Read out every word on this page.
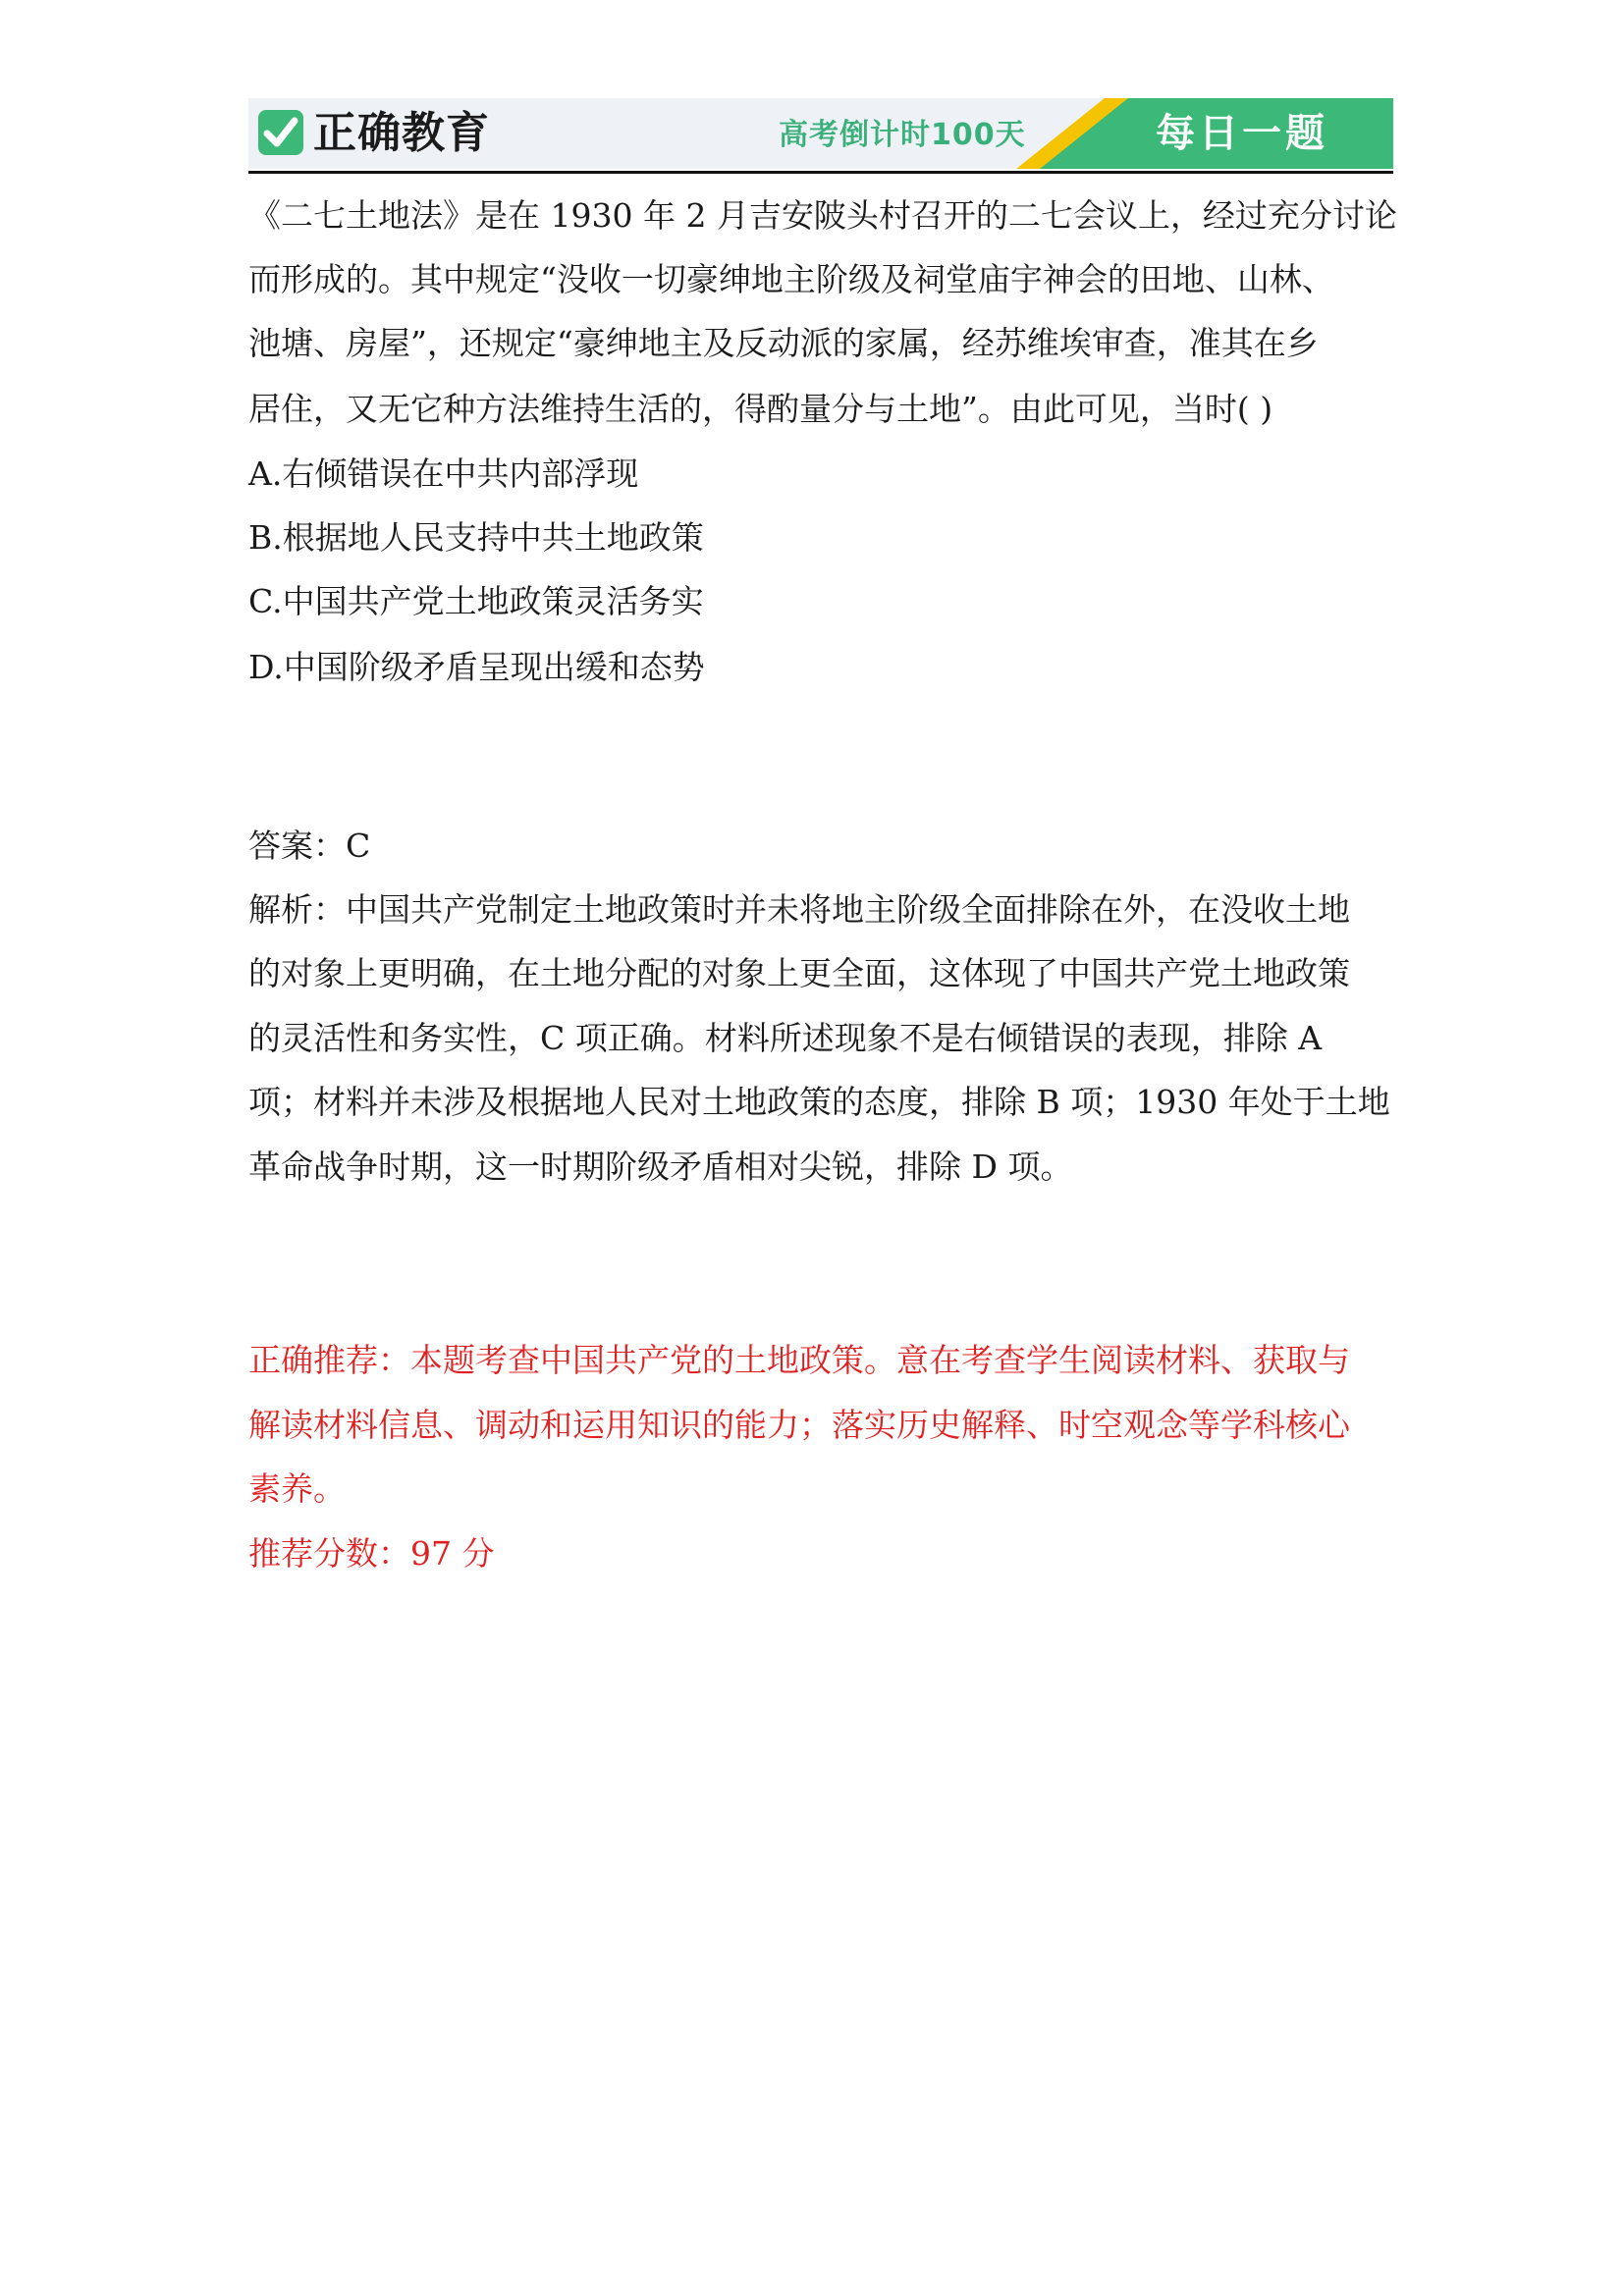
正确教育	高考倒计时100天	每日一题

《二七土地法》是在 1930 年 2 月吉安陂头村召开的二七会议上，经过充分讨论

而形成的。其中规定“没收一切豪绅地主阶级及祠堂庙宇神会的田地、山林、

池塘、房屋”，还规定“豪绅地主及反动派的家属，经苏维埃审查，准其在乡

居住，又无它种方法维持生活的，得酌量分与土地”。由此可见，当时( )

A.右倾错误在中共内部浮现

B.根据地人民支持中共土地政策

C.中国共产党土地政策灵活务实

D.中国阶级矛盾呈现出缓和态势

答案：C

解析：中国共产党制定土地政策时并未将地主阶级全面排除在外，在没收土地

的对象上更明确，在土地分配的对象上更全面，这体现了中国共产党土地政策

的灵活性和务实性，C 项正确。材料所述现象不是右倾错误的表现，排除 A

项；材料并未涉及根据地人民对土地政策的态度，排除 B 项；1930 年处于土地

革命战争时期，这一时期阶级矛盾相对尖锐，排除 D 项。

正确推荐：本题考查中国共产党的土地政策。意在考查学生阅读材料、获取与

解读材料信息、调动和运用知识的能力；落实历史解释、时空观念等学科核心

素养。

推荐分数：97 分
